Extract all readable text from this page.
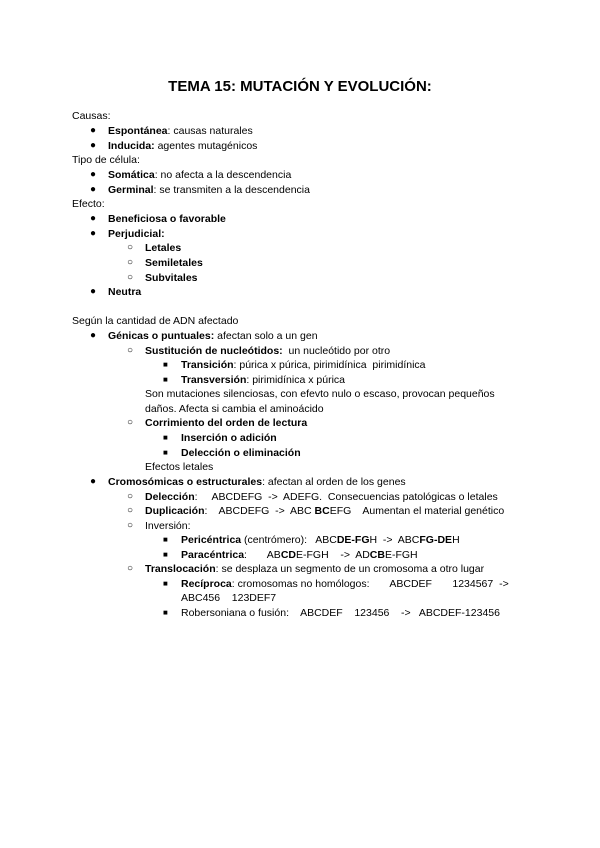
TEMA 15: MUTACIÓN Y EVOLUCIÓN:
Causas:
● Espontánea: causas naturales
● Inducida: agentes mutagénicos
Tipo de célula:
● Somática: no afecta a la descendencia
● Germinal: se transmiten a la descendencia
Efecto:
● Beneficiosa o favorable
● Perjudicial:
○ Letales
○ Semiletales
○ Subvitales
● Neutra
Según la cantidad de ADN afectado
● Génicas o puntuales: afectan solo a un gen
○ Sustitución de nucleótidos:  un nucleótido por otro
■ Transición: púrica x púrica, pirimidínica  pirimidínica
■ Transversión: pirimidínica x púrica
Son mutaciones silenciosas, con efevto nulo o escaso, provocan pequeños
daños. Afecta si cambia el aminoácido
○ Corrimiento del orden de lectura
■ Inserción o adición
■ Delección o eliminación
Efectos letales
● Cromosómicas o estructurales: afectan al orden de los genes
○ Delección:     ABCDEFG  ->  ADEFG.  Consecuencias patológicas o letales
○ Duplicación:    ABCDEFG  ->  ABC BCEFG    Aumentan el material genético
○ Inversión:
■ Pericéntrica (centrómero):   ABCDE-FGH  ->  ABCFG-DEH
■ Paracéntrica:       ABCDE-FGH    ->  ADCBE-FGH
○ Translocación: se desplaza un segmento de un cromosoma a otro lugar
■ Recíproca: cromosomas no homólogos:       ABCDEF       1234567  ->
ABC456    123DEF7
■ Robersoniana o fusión:    ABCDEF    123456    ->   ABCDEF-123456
